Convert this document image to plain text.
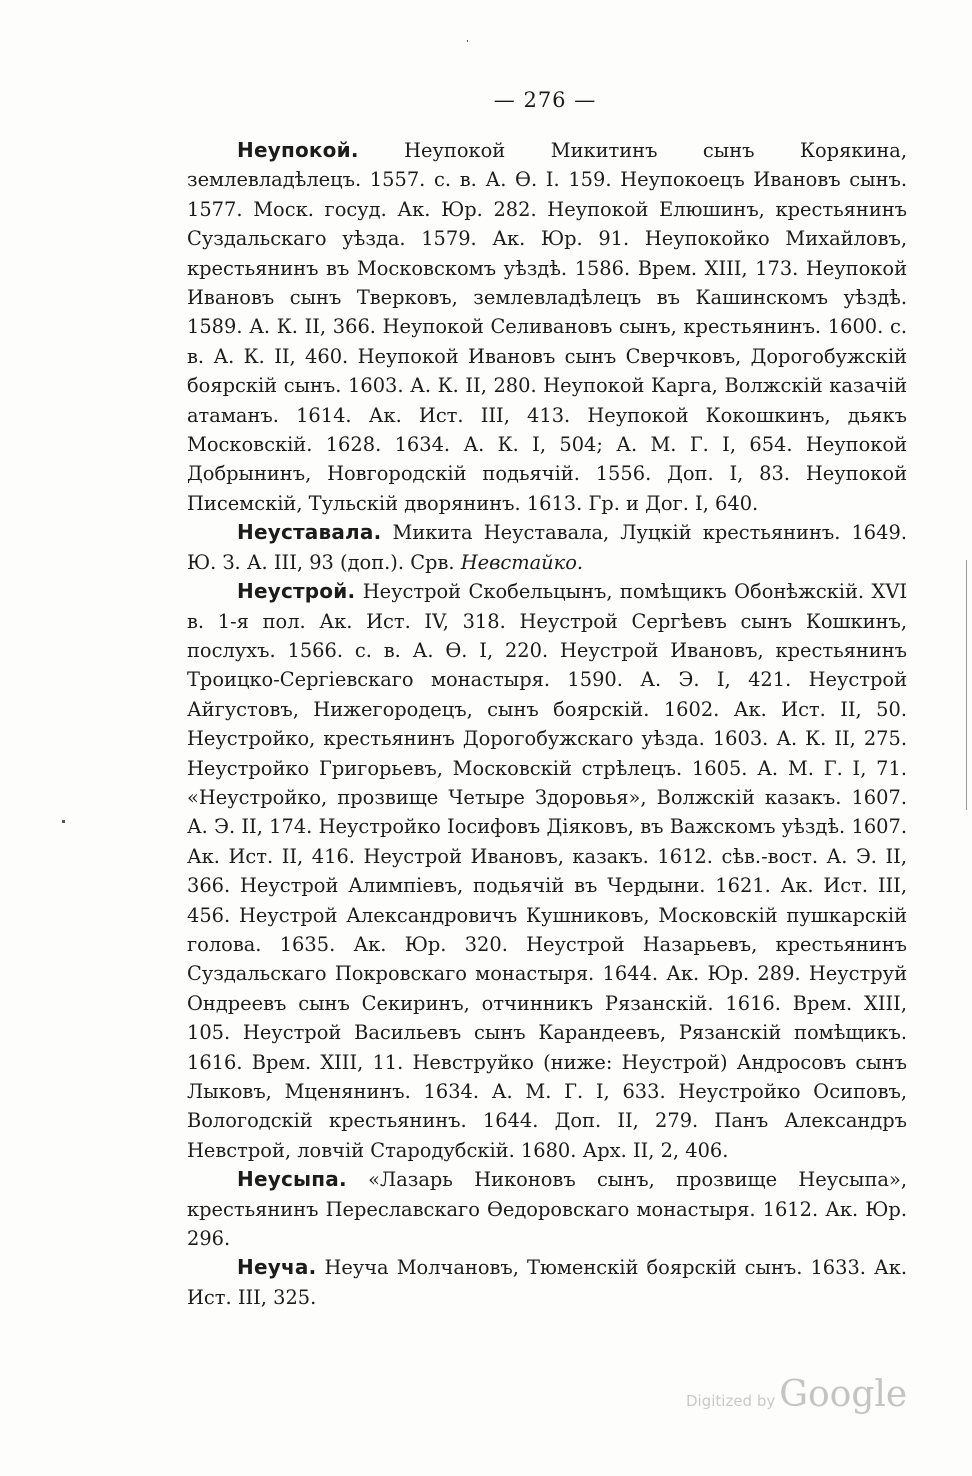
— 276 —

Неупокой. Неупокой Микитинъ сынъ Корякина, землевладѣлецъ. 1557. с. в. А. Ѳ. I. 159. Неупокоецъ Ивановъ сынъ. 1577. Моск. госуд. Ак. Юр. 282. Неупокой Елюшинъ, крестьянинъ Суздальскаго уѣзда. 1579. Ак. Юр. 91. Неупокойко Михайловъ, крестьянинъ въ Московскомъ уѣздѣ. 1586. Врем. XIII, 173. Неупокой Ивановъ сынъ Тверковъ, землевладѣлецъ въ Кашинскомъ уѣздѣ. 1589. А. К. II, 366. Неупокой Селивановъ сынъ, крестьянинъ. 1600. с. в. А. К. II, 460. Неупокой Ивановъ сынъ Сверчковъ, Дорогобужскій боярскій сынъ. 1603. А. К. II, 280. Неупокой Карга, Волжскій казачій атаманъ. 1614. Ак. Ист. III, 413. Неупокой Кокошкинъ, дьякъ Московскій. 1628. 1634. А. К. I, 504; А. М. Г. I, 654. Неупокой Добрынинъ, Новгородскій подьячій. 1556. Доп. I, 83. Неупокой Писемскій, Тульскій дворянинъ. 1613. Гр. и Дог. I, 640.

Неуставала. Микита Неуставала, Луцкій крестьянинъ. 1649. Ю. З. А. III, 93 (доп.). Срв. Невстайко.

Неустрой. Неустрой Скобельцынъ, помѣщикъ Обонѣжскій. XVI в. 1-я пол. Ак. Ист. IV, 318. Неустрой Сергѣевъ сынъ Кошкинъ, послухъ. 1566. с. в. А. Ѳ. I, 220. Неустрой Ивановъ, крестьянинъ Троицко-Сергіевскаго монастыря. 1590. А. Э. I, 421. Неустрой Айгустовъ, Нижегородецъ, сынъ боярскій. 1602. Ак. Ист. II, 50. Неустройко, крестьянинъ Дорогобужскаго уѣзда. 1603. А. К. II, 275. Неустройко Григорьевъ, Московскій стрѣлецъ. 1605. А. М. Г. I, 71. «Неустройко, прозвище Четыре Здоровья», Волжскій казакъ. 1607. А. Э. II, 174. Неустройко Іосифовъ Діяковъ, въ Важскомъ уѣздѣ. 1607. Ак. Ист. II, 416. Неустрой Ивановъ, казакъ. 1612. сѣв.-вост. А. Э. II, 366. Неустрой Алимпіевъ, подьячій въ Чердыни. 1621. Ак. Ист. III, 456. Неустрой Александровичъ Кушниковъ, Московскій пушкарскій голова. 1635. Ак. Юр. 320. Неустрой Назарьевъ, крестьянинъ Суздальскаго Покровскаго монастыря. 1644. Ак. Юр. 289. Неуструй Ондреевъ сынъ Секиринъ, отчинникъ Рязанскій. 1616. Врем. XIII, 105. Неустрой Васильевъ сынъ Карандеевъ, Рязанскій помѣщикъ. 1616. Врем. XIII, 11. Невструйко (ниже: Неустрой) Андросовъ сынъ Лыковъ, Мценянинъ. 1634. А. М. Г. I, 633. Неустройко Осиповъ, Вологодскій крестьянинъ. 1644. Доп. II, 279. Панъ Александръ Невстрой, ловчій Стародубскій. 1680. Арх. II, 2, 406.

Неусыпа. «Лазарь Никоновъ сынъ, прозвище Неусыпа», крестьянинъ Переславскаго Ѳедоровскаго монастыря. 1612. Ак. Юр. 296.

Неуча. Неуча Молчановъ, Тюменскій боярскій сынъ. 1633. Ак. Ист. III, 325.

Digitized by Google
